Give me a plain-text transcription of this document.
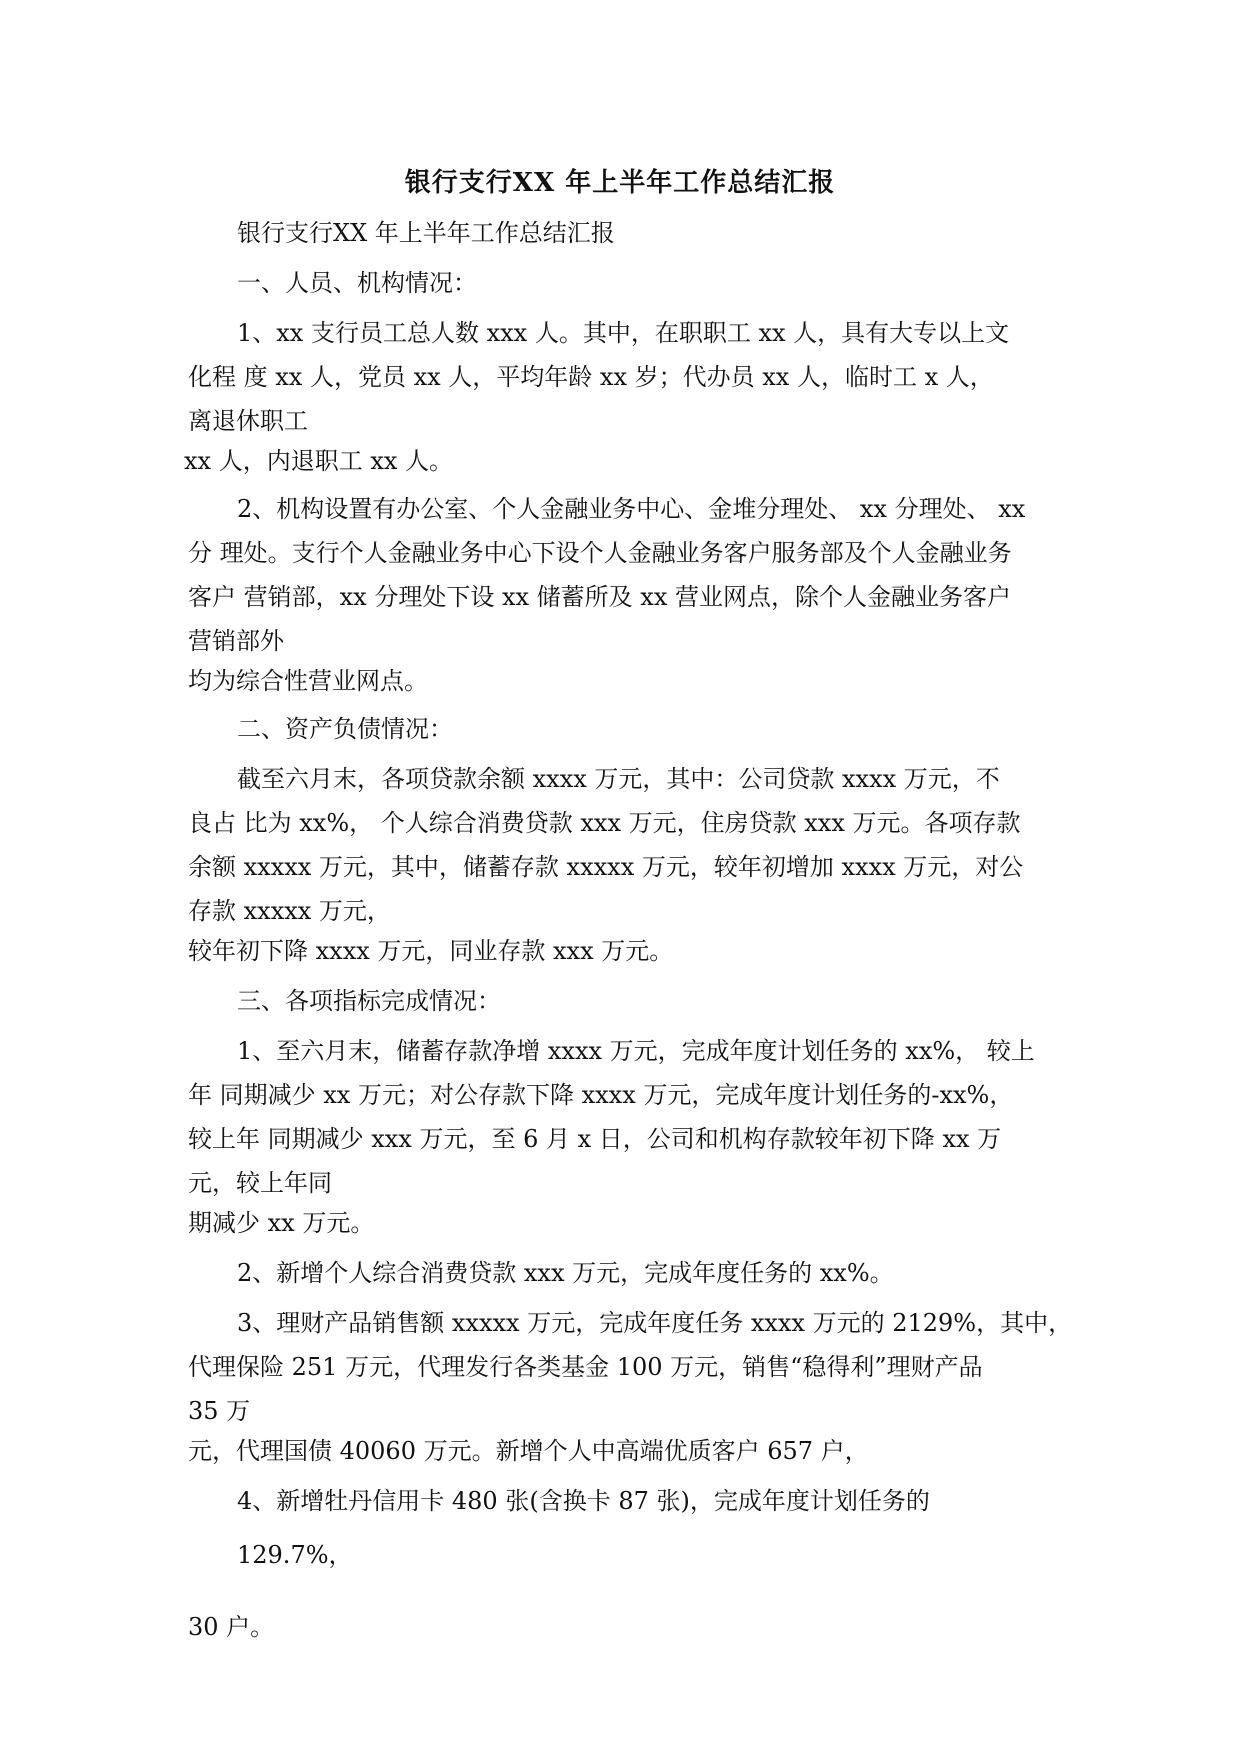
银行支行XX 年上半年工作总结汇报
银行支行XX 年上半年工作总结汇报
一、人员、机构情况：
1、xx 支行员工总人数 xxx 人。其中，在职职工 xx 人，具有大专以上文
化程 度 xx 人，党员 xx 人，平均年龄 xx 岁；代办员 xx 人，临时工 x 人，
离退休职工
xx 人，内退职工 xx 人。
2、机构设置有办公室、个人金融业务中心、金堆分理处、 xx 分理处、 xx
分 理处。支行个人金融业务中心下设个人金融业务客户服务部及个人金融业务
客户 营销部，xx 分理处下设 xx 储蓄所及 xx 营业网点，除个人金融业务客户
营销部外
均为综合性营业网点。
二、资产负债情况：
截至六月末，各项贷款余额 xxxx 万元，其中：公司贷款 xxxx 万元，不
良占 比为 xx%， 个人综合消费贷款 xxx 万元，住房贷款 xxx 万元。各项存款
余额 xxxxx 万元，其中，储蓄存款 xxxxx 万元，较年初增加 xxxx 万元，对公
存款 xxxxx 万元，
较年初下降 xxxx 万元，同业存款 xxx 万元。
三、各项指标完成情况：
1、至六月末，储蓄存款净增 xxxx 万元，完成年度计划任务的 xx%， 较上
年 同期减少 xx 万元；对公存款下降 xxxx 万元，完成年度计划任务的-xx%，
较上年 同期减少 xxx 万元，至 6 月 x 日，公司和机构存款较年初下降 xx 万
元，较上年同
期减少 xx 万元。
2、新增个人综合消费贷款 xxx 万元，完成年度任务的 xx%。
3、理财产品销售额 xxxxx 万元，完成年度任务 xxxx 万元的 2129%，其中，
代理保险 251 万元，代理发行各类基金 100 万元，销售“稳得利”理财产品
35 万
元，代理国债 40060 万元。新增个人中高端优质客户 657 户，
4、新增牡丹信用卡 480 张(含换卡 87 张)，完成年度计划任务的
129.7%，
30 户。
